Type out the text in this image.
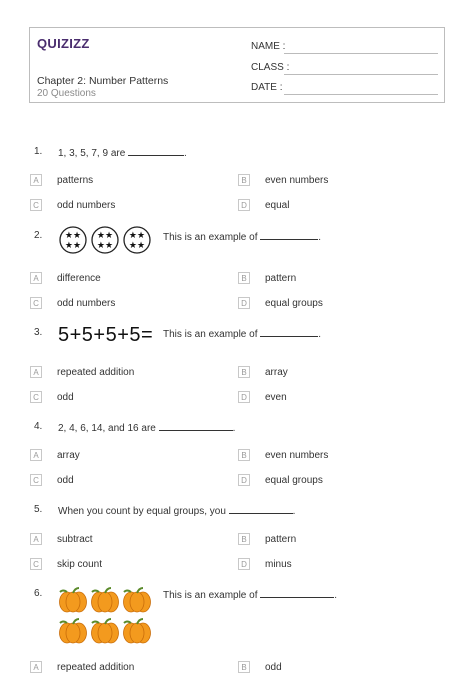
QUIZIZZ
Chapter 2: Number Patterns
20 Questions
NAME :
CLASS :
DATE :
1. 1, 3, 5, 7, 9 are	.
A	patterns	B	even numbers
C	odd numbers	D	equal
2.	★★
★★
★★
★★
★★
★★
This is an example of	.
A	difference	B	pattern
C	odd numbers	D	equal groups
3. 5+5+5+5= This is an example of	.
A	repeated addition	B	array
C	odd	D	even
4. 2, 4, 6, 14, and 16 are	.
A	array	B	even numbers
C	odd	D	equal groups
5. When you count by equal groups, you	.
A	subtract	B	pattern
C	skip count	D	minus
6.	This is an example of	.
A	repeated addition	B	odd
